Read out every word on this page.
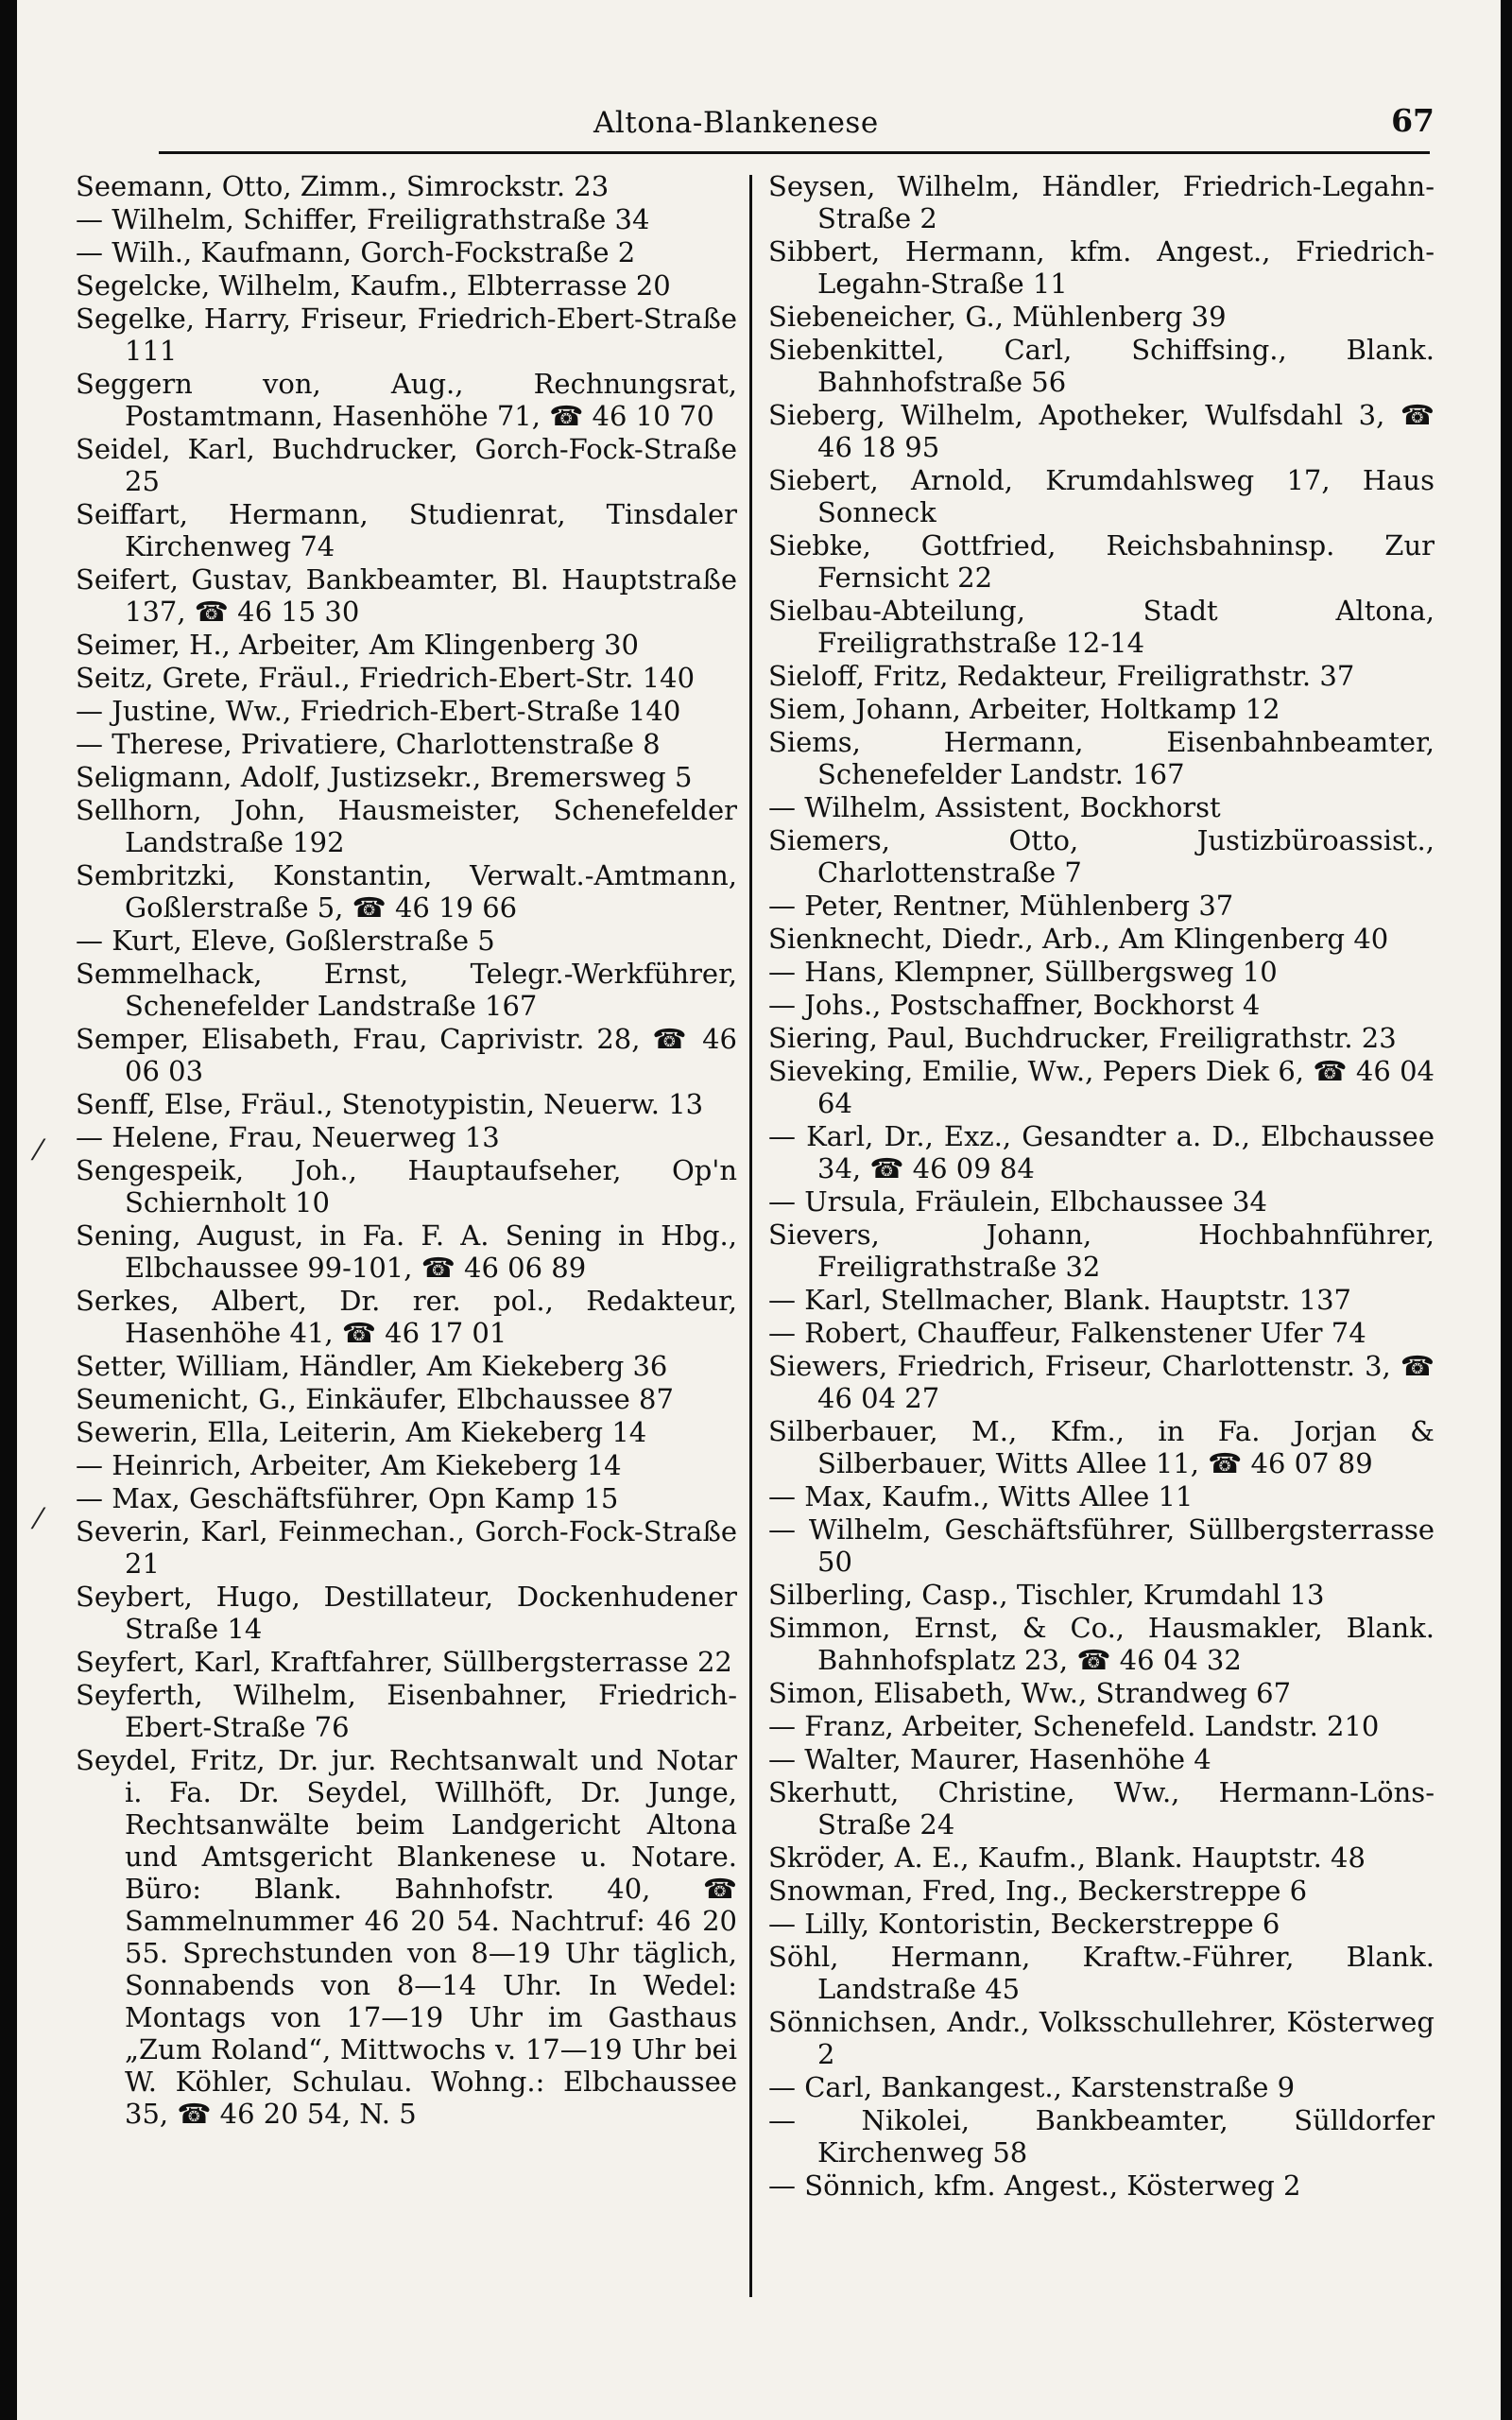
Altona-Blankenese	67
Seemann, Otto, Zimm., Simrockstr. 23
— Wilhelm, Schiffer, Freiligrathstraße 34
— Wilh., Kaufmann, Gorch-Fockstraße 2
Segelcke, Wilhelm, Kaufm., Elbterrasse 20
Segelke, Harry, Friseur, Friedrich-Ebert-Straße 111
Seggern von, Aug., Rechnungsrat, Postamtmann, Hasenhöhe 71, ☎ 46 10 70
Seidel, Karl, Buchdrucker, Gorch-Fock-Straße 25
Seiffart, Hermann, Studienrat, Tinsdaler Kirchenweg 74
Seifert, Gustav, Bankbeamter, Bl. Hauptstraße 137, ☎ 46 15 30
Seimer, H., Arbeiter, Am Klingenberg 30
Seitz, Grete, Fräul., Friedrich-Ebert-Str. 140
— Justine, Ww., Friedrich-Ebert-Straße 140
— Therese, Privatiere, Charlottenstraße 8
Seligmann, Adolf, Justizsekr., Bremersweg 5
Sellhorn, John, Hausmeister, Schenefelder Landstraße 192
Sembritzki, Konstantin, Verwalt.-Amtmann, Goßlerstraße 5, ☎ 46 19 66
— Kurt, Eleve, Goßlerstraße 5
Semmelhack, Ernst, Telegr.-Werkführer, Schenefelder Landstraße 167
Semper, Elisabeth, Frau, Caprivistr. 28, ☎ 46 06 03
Senff, Else, Fräul., Stenotypistin, Neuerw. 13
— Helene, Frau, Neuerweg 13
Sengespeik, Joh., Hauptaufseher, Op'n Schiernholt 10
Sening, August, in Fa. F. A. Sening in Hbg., Elbchaussee 99-101, ☎ 46 06 89
Serkes, Albert, Dr. rer. pol., Redakteur, Hasenhöhe 41, ☎ 46 17 01
Setter, William, Händler, Am Kiekeberg 36
Seumenicht, G., Einkäufer, Elbchaussee 87
Sewerin, Ella, Leiterin, Am Kiekeberg 14
— Heinrich, Arbeiter, Am Kiekeberg 14
— Max, Geschäftsführer, Opn Kamp 15
Severin, Karl, Feinmechan., Gorch-Fock-Straße 21
Seybert, Hugo, Destillateur, Dockenhudener Straße 14
Seyfert, Karl, Kraftfahrer, Süllbergsterrasse 22
Seyferth, Wilhelm, Eisenbahner, Friedrich-Ebert-Straße 76
Seydel, Fritz, Dr. jur. Rechtsanwalt und Notar i. Fa. Dr. Seydel, Willhöft, Dr. Junge, Rechtsanwälte beim Landgericht Altona und Amtsgericht Blankenese u. Notare. Büro: Blank. Bahnhofstr. 40, ☎ Sammelnummer 46 20 54. Nachtruf: 46 20 55. Sprechstunden von 8—19 Uhr täglich, Sonnabends von 8—14 Uhr. In Wedel: Montags von 17—19 Uhr im Gasthaus „Zum Roland“, Mittwochs v. 17—19 Uhr bei W. Köhler, Schulau. Wohng.: Elbchaussee 35, ☎ 46 20 54, N. 5
Seysen, Wilhelm, Händler, Friedrich-Legahn-Straße 2
Sibbert, Hermann, kfm. Angest., Friedrich-Legahn-Straße 11
Siebeneicher, G., Mühlenberg 39
Siebenkittel, Carl, Schiffsing., Blank. Bahnhofstraße 56
Sieberg, Wilhelm, Apotheker, Wulfsdahl 3, ☎ 46 18 95
Siebert, Arnold, Krumdahlsweg 17, Haus Sonneck
Siebke, Gottfried, Reichsbahninsp. Zur Fernsicht 22
Sielbau-Abteilung, Stadt Altona, Freiligrathstraße 12-14
Sieloff, Fritz, Redakteur, Freiligrathstr. 37
Siem, Johann, Arbeiter, Holtkamp 12
Siems, Hermann, Eisenbahnbeamter, Schenefelder Landstr. 167
— Wilhelm, Assistent, Bockhorst
Siemers, Otto, Justizbüroassist., Charlottenstraße 7
— Peter, Rentner, Mühlenberg 37
Sienknecht, Diedr., Arb., Am Klingenberg 40
— Hans, Klempner, Süllbergsweg 10
— Johs., Postschaffner, Bockhorst 4
Siering, Paul, Buchdrucker, Freiligrathstr. 23
Sieveking, Emilie, Ww., Pepers Diek 6, ☎ 46 04 64
— Karl, Dr., Exz., Gesandter a. D., Elbchaussee 34, ☎ 46 09 84
— Ursula, Fräulein, Elbchaussee 34
Sievers, Johann, Hochbahnführer, Freiligrathstraße 32
— Karl, Stellmacher, Blank. Hauptstr. 137
— Robert, Chauffeur, Falkenstener Ufer 74
Siewers, Friedrich, Friseur, Charlottenstr. 3, ☎ 46 04 27
Silberbauer, M., Kfm., in Fa. Jorjan & Silberbauer, Witts Allee 11, ☎ 46 07 89
— Max, Kaufm., Witts Allee 11
— Wilhelm, Geschäftsführer, Süllbergsterrasse 50
Silberling, Casp., Tischler, Krumdahl 13
Simmon, Ernst, & Co., Hausmakler, Blank. Bahnhofsplatz 23, ☎ 46 04 32
Simon, Elisabeth, Ww., Strandweg 67
— Franz, Arbeiter, Schenefeld. Landstr. 210
— Walter, Maurer, Hasenhöhe 4
Skerhutt, Christine, Ww., Hermann-Löns-Straße 24
Skröder, A. E., Kaufm., Blank. Hauptstr. 48
Snowman, Fred, Ing., Beckerstreppe 6
— Lilly, Kontoristin, Beckerstreppe 6
Söhl, Hermann, Kraftw.-Führer, Blank. Landstraße 45
Sönnichsen, Andr., Volksschullehrer, Kösterweg 2
— Carl, Bankangest., Karstenstraße 9
— Nikolei, Bankbeamter, Sülldorfer Kirchenweg 58
— Sönnich, kfm. Angest., Kösterweg 2
⁄
⁄
